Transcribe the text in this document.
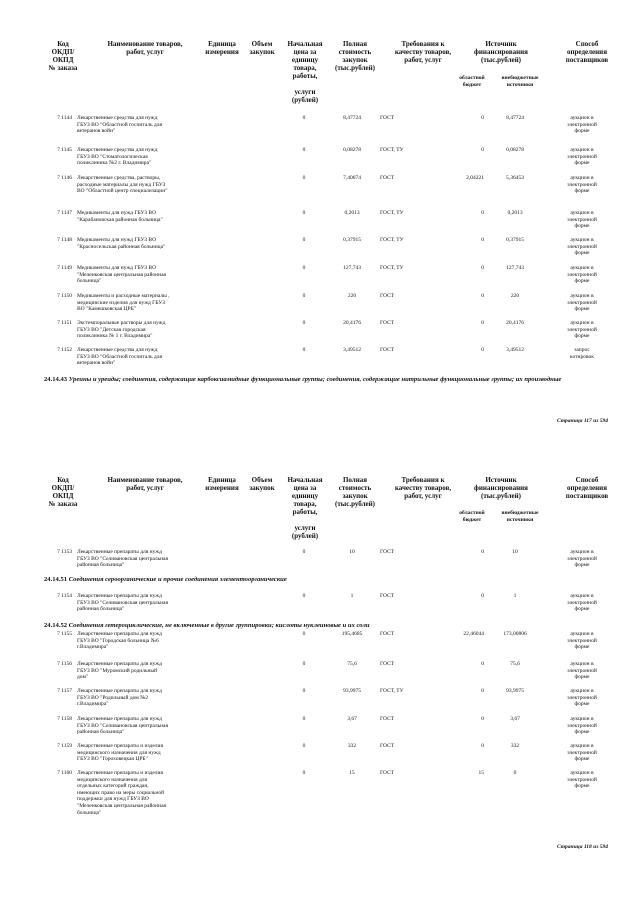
Код
ОКДП/
ОКПД
№ заказа
Наименование товаров,
работ, услуг
Единица
измерения
Объем
закупок
Начальная
цена за
единицу
товара,
работы,

услуги
(рублей)
Полная
стоимость
закупок
(тыс.рублей)
Требования к
качеству товаров,
работ, услуг
Источник
финансирования
(тыс.рублей)
областной
бюджет
внебюджетные
источники
Способ
определения
поставщиков
7 1144 Лекарственные средства для нужд
ГБУЗ ВО "Областной госпиталь для
ветеранов войн"
0	8,47724	ГОСТ	0	8,47724	аукцион в
электронной
форме
7 1145 Лекарственные средства для нужд
ГБУЗ ВО "Стоматологическая
поликлиника №2 г. Владимира"
0	0,08278	ГОСТ, ТУ	0	0,08278	аукцион в
электронной
форме
7 1146 Лекарственные средства, растворы,
расходные материалы для нужд ГБУЗ
ВО "Областной центр специализации"
0	7,40674	ГОСТ	2,04221	5,36453	аукцион в
электронной
форме
7 1147 Медикаменты для нужд ГБУЗ ВО
"Карабановская районная больница"
0	0,2013	ГОСТ, ТУ	0	0,2013	аукцион в
электронной
форме
7 1148 Медикаменты для нужд ГБУЗ ВО
"Красносельская районная больница"
0	0,37915	ГОСТ, ТУ	0	0,37915	аукцион в
электронной
форме
7 1149 Медикаменты для нужд ГБУЗ ВО
"Меленковская центральная районная
больница"
0	127,743	ГОСТ, ТУ	0	127,743	аукцион в
электронной
форме
7 1150 Медикаменты и расходные материалы ,
медицинские изделия для нужд ГБУЗ
ВО "Камешковская ЦРБ"
0	220	ГОСТ	0	220	аукцион в
электронной
форме
7 1151 Экстемпоральные растворы для нужд
ГБУЗ ВО "Детская городская
поликлиника № 1 г. Владимира"
0	20,4176	ГОСТ	0	20,4176	аукцион в
электронной
форме
7 1152 Лекарственные средства для нужд
ГБУЗ ВО "Областной госпиталь для
ветеранов войн"
0	3,49512	ГОСТ	0	3,49512	запрос
котировок
24.14.43 Уреины и уреиды; соединения, содержащие карбоксиамидные функциональные группы; соединения, содержащие нитрильные функциональные группы; их производные
Страница 117 из 594
Код
ОКДП/
ОКПД
№ заказа
Наименование товаров,
работ, услуг
Единица
измерения
Объем
закупок
Начальная
цена за
единицу
товара,
работы,

услуги
(рублей)
Полная
стоимость
закупок
(тыс.рублей)
Требования к
качеству товаров,
работ, услуг
Источник
финансирования
(тыс.рублей)
областной
бюджет
внебюджетные
источники
Способ
определения
поставщиков
7 1153 Лекарственные препараты для нужд
ГБУЗ ВО "Селивановская центральная
районная больница"
0	10	ГОСТ	0	10	аукцион в
электронной
форме
24.14.51 Соединения сероорганические и прочие соединения элементоорганические
7 1154 Лекарственные препараты для нужд
ГБУЗ ВО "Селивановская центральная
районная больница"
0	1	ГОСТ	0	1	аукцион в
электронной
форме
24.14.52 Соединения гетероциклические, не включенные в другие группировки; кислоты нуклеиновые и их соли
7 1155 Лекарственные препараты для нужд
ГБУЗ ВО "Городская больница №6
г.Владимира"
0	195,4685	ГОСТ	22,46044	173,00806	аукцион в
электронной
форме
7 1156 Лекарственные препараты для нужд
ГБУЗ ВО "Муромский родильный
дом"
0	75,6	ГОСТ	0	75,6	аукцион в
электронной
форме
7 1157 Лекарственные препараты для нужд
ГБУЗ ВО "Родильный дом №2
г.Владимира"
0	93,9975	ГОСТ, ТУ	0	93,9975	аукцион в
электронной
форме
7 1158 Лекарственные препараты для нужд
ГБУЗ ВО "Селивановская центральная
районная больница"
0	3,67	ГОСТ	0	3,67	аукцион в
электронной
форме
7 1159 Лекарственные препараты и изделия
медицинского назначения для нужд
ГБУЗ ВО "Гороховецкая ЦРБ"
0	332	ГОСТ	0	332	аукцион в
электронной
форме
7 1160 Лекарственные препараты и изделия
медицинского назначения для
отдельных категорий граждан,
имеющих право на меры социальной
поддержки для нужд ГБУЗ ВО
"Меленковская центральная районная
больница"
0	15	ГОСТ	15	0	аукцион в
электронной
форме
Страница 118 из 594
